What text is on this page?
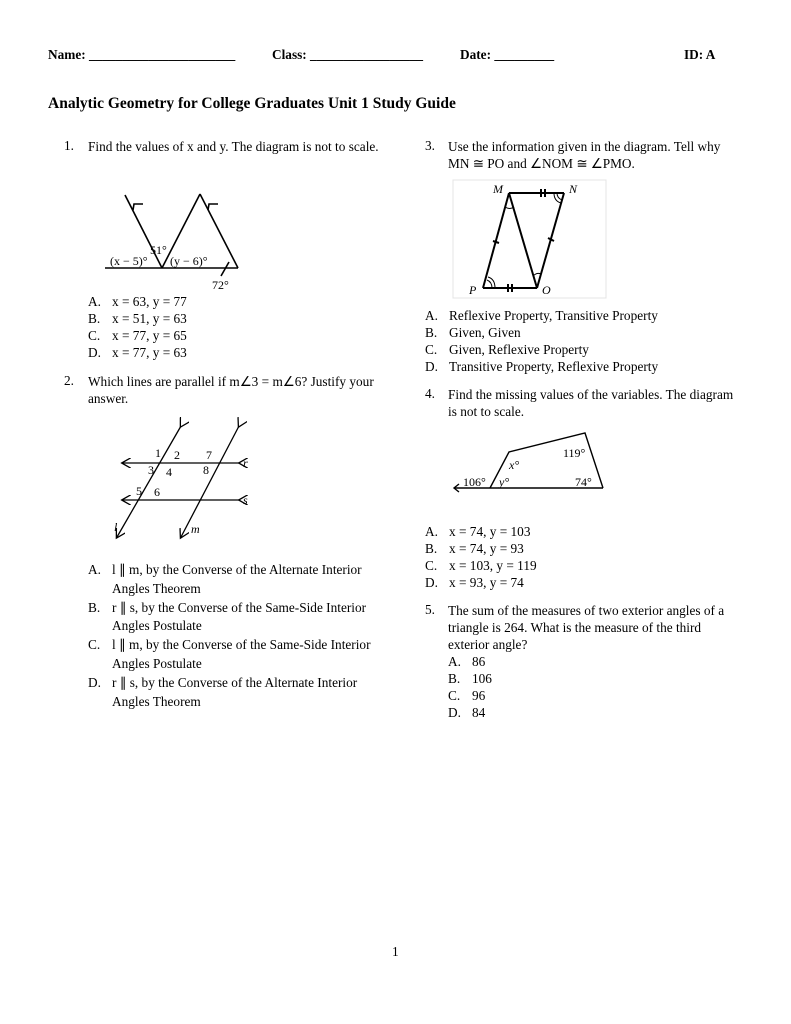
Name: ______________________	Class: _________________	Date: _________	ID: A
Analytic Geometry for College Graduates Unit 1 Study Guide
1. Find the values of x and y. The diagram is not to scale.
51°
(x − 5)° (y − 6)°
72°
A. x = 63, y = 77
B. x = 51, y = 63
C. x = 77, y = 65
D. x = 77, y = 63
2. Which lines are parallel if m∠3 = m∠6? Justify your answer.
1 2 7
3 4	8
5 6
r
s
l	m
A. l ∥ m, by the Converse of the Alternate Interior Angles Theorem
B. r ∥ s, by the Converse of the Same-Side Interior Angles Postulate
C. l ∥ m, by the Converse of the Same-Side Interior Angles Postulate
D. r ∥ s, by the Converse of the Alternate Interior Angles Theorem
3. Use the information given in the diagram. Tell why MN ≅ PO and ∠NOM ≅ ∠PMO.
M	N
P	O
A. Reflexive Property, Transitive Property
B. Given, Given
C. Given, Reflexive Property
D. Transitive Property, Reflexive Property
4. Find the missing values of the variables. The diagram is not to scale.
119°
x°
106° y°	74°
A. x = 74, y = 103
B. x = 74, y = 93
C. x = 103, y = 119
D. x = 93, y = 74
5. The sum of the measures of two exterior angles of a triangle is 264. What is the measure of the third exterior angle?
A. 86
B. 106
C. 96
D. 84
1
